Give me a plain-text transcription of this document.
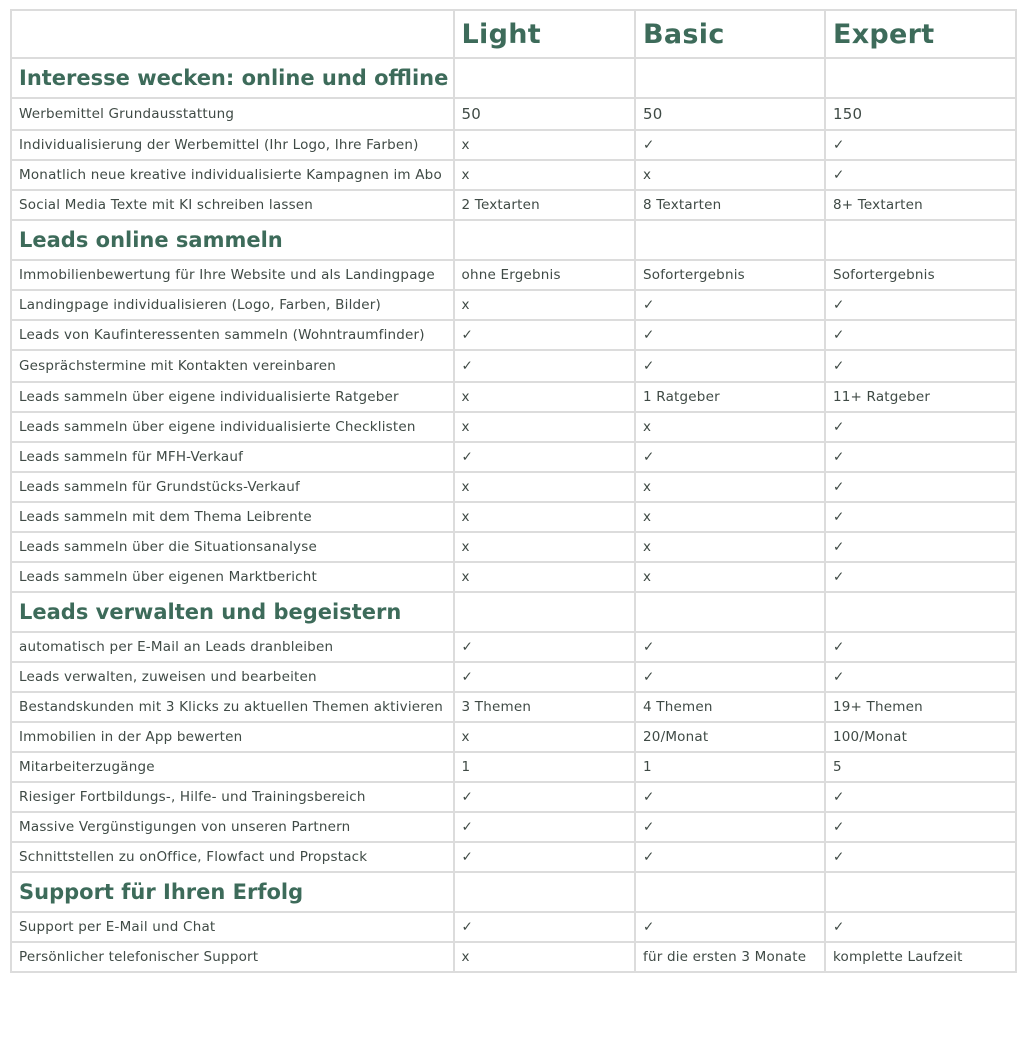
	Light	Basic	Expert
Interesse wecken: online und offline			
Werbemittel Grundausstattung	50	50	150
Individualisierung der Werbemittel (Ihr Logo, Ihre Farben)	x	✓	✓
Monatlich neue kreative individualisierte Kampagnen im Abo	x	x	✓
Social Media Texte mit KI schreiben lassen	2 Textarten	8 Textarten	8+ Textarten
Leads online sammeln			
Immobilienbewertung für Ihre Website und als Landingpage	ohne Ergebnis	Sofortergebnis	Sofortergebnis
Landingpage individualisieren (Logo, Farben, Bilder)	x	✓	✓
Leads von Kaufinteressenten sammeln (Wohntraumfinder)	✓	✓	✓
Gesprächstermine mit Kontakten vereinbaren	✓	✓	✓
Leads sammeln über eigene individualisierte Ratgeber	x	1 Ratgeber	11+ Ratgeber
Leads sammeln über eigene individualisierte Checklisten	x	x	✓
Leads sammeln für MFH-Verkauf	✓	✓	✓
Leads sammeln für Grundstücks-Verkauf	x	x	✓
Leads sammeln mit dem Thema Leibrente	x	x	✓
Leads sammeln über die Situationsanalyse	x	x	✓
Leads sammeln über eigenen Marktbericht	x	x	✓
Leads verwalten und begeistern			
automatisch per E-Mail an Leads dranbleiben	✓	✓	✓
Leads verwalten, zuweisen und bearbeiten	✓	✓	✓
Bestandskunden mit 3 Klicks zu aktuellen Themen aktivieren	3 Themen	4 Themen	19+ Themen
Immobilien in der App bewerten	x	20/Monat	100/Monat
Mitarbeiterzugänge	1	1	5
Riesiger Fortbildungs-, Hilfe- und Trainingsbereich	✓	✓	✓
Massive Vergünstigungen von unseren Partnern	✓	✓	✓
Schnittstellen zu onOffice, Flowfact und Propstack	✓	✓	✓
Support für Ihren Erfolg			
Support per E-Mail und Chat	✓	✓	✓
Persönlicher telefonischer Support	x	für die ersten 3 Monate	komplette Laufzeit
